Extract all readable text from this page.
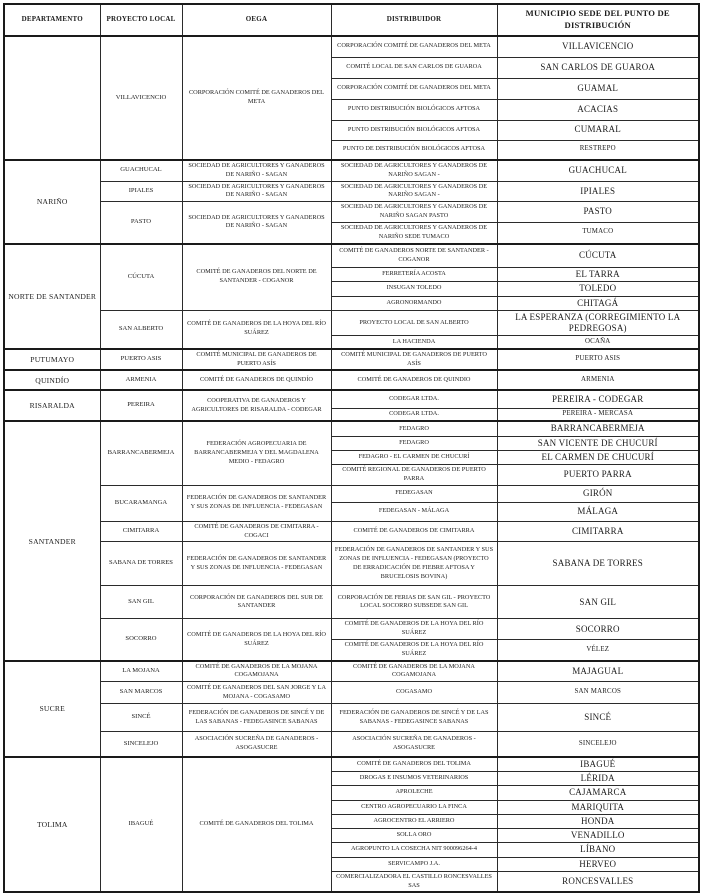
DEPARTAMENTO	PROYECTO LOCAL	OEGA	DISTRIBUIDOR	MUNICIPIO SEDE DEL PUNTO DE DISTRIBUCIÓN
	VILLAVICENCIO	CORPORACIÓN COMITÉ DE GANADEROS DEL META	CORPORACIÓN COMITÉ DE GANADEROS DEL META	VILLAVICENCIO
			COMITÉ LOCAL DE SAN CARLOS DE GUAROA	SAN CARLOS DE GUAROA
			CORPORACIÓN COMITÉ DE GANADEROS DEL META	GUAMAL
			PUNTO DISTRIBUCIÓN BIOLÓGICOS AFTOSA	ACACIAS
			PUNTO DISTRIBUCIÓN BIOLÓGICOS AFTOSA	CUMARAL
			PUNTO DE DISTRIBUCIÓN BIOLÓGICOS AFTOSA	RESTREPO
NARIÑO	GUACHUCAL	SOCIEDAD DE AGRICULTORES Y GANADEROS DE NARIÑO - SAGAN	SOCIEDAD DE AGRICULTORES Y GANADEROS DE NARIÑO SAGAN -	GUACHUCAL
	IPIALES	SOCIEDAD DE AGRICULTORES Y GANADEROS DE NARIÑO - SAGAN	SOCIEDAD DE AGRICULTORES Y GANADEROS DE NARIÑO SAGAN -	IPIALES
	PASTO	SOCIEDAD DE AGRICULTORES Y GANADEROS DE NARIÑO - SAGAN	SOCIEDAD DE AGRICULTORES Y GANADEROS DE NARIÑO SAGAN PASTO	PASTO
			SOCIEDAD DE AGRICULTORES Y GANADEROS DE NARIÑO SEDE TUMACO	TUMACO
NORTE DE SANTANDER	CÚCUTA	COMITÉ DE GANADEROS DEL NORTE DE SANTANDER - COGANOR	COMITÉ DE GANADEROS NORTE DE SANTANDER - COGANOR	CÚCUTA
			FERRETERÍA ACOSTA	EL TARRA
			INSUGAN TOLEDO	TOLEDO
			AGRONORMANDO	CHITAGÁ
	SAN ALBERTO	COMITÉ DE GANADEROS DE LA HOYA DEL RÍO SUÁREZ	PROYECTO LOCAL DE SAN ALBERTO	LA ESPERANZA (CORREGIMIENTO LA PEDREGOSA)
			LA HACIENDA	OCAÑA
PUTUMAYO	PUERTO ASIS	COMITÉ MUNICIPAL DE GANADEROS DE PUERTO ASÍS	COMITÉ MUNICIPAL DE GANADEROS DE PUERTO ASÍS	PUERTO ASIS
QUINDÍO	ARMENIA	COMITÉ DE GANADEROS DE QUINDÍO	COMITÉ DE GANADEROS DE QUINDIO	ARMENIA
RISARALDA	PEREIRA	COOPERATIVA DE GANADEROS Y AGRICULTORES DE RISARALDA - CODEGAR	CODEGAR LTDA.	PEREIRA - CODEGAR
			CODEGAR LTDA.	PEREIRA - MERCASA
SANTANDER	BARRANCABERMEJA	FEDERACIÓN AGROPECUARIA DE BARRANCABERMEJA Y DEL MAGDALENA MEDIO - FEDAGRO	FEDAGRO	BARRANCABERMEJA
			FEDAGRO	SAN VICENTE DE CHUCURÍ
			FEDAGRO - EL CARMEN DE CHUCURÍ	EL CARMEN DE CHUCURÍ
			COMITÉ REGIONAL DE GANADEROS DE PUERTO PARRA	PUERTO PARRA
	BUCARAMANGA	FEDERACIÓN DE GANADEROS DE SANTANDER Y SUS ZONAS DE INFLUENCIA - FEDEGASAN	FEDEGASAN	GIRÓN
			FEDEGASAN - MÁLAGA	MÁLAGA
	CIMITARRA	COMITÉ DE GANADEROS DE CIMITARRA - COGACI	COMITÉ DE GANADEROS DE CIMITARRA	CIMITARRA
	SABANA DE TORRES	FEDERACIÓN DE GANADEROS DE SANTANDER Y SUS ZONAS DE INFLUENCIA - FEDEGASAN	FEDERACIÓN DE GANADEROS DE SANTANDER Y SUS ZONAS DE INFLUENCIA - FEDEGASAN (PROYECTO DE ERRADICACIÓN DE FIEBRE AFTOSA Y BRUCELOSIS BOVINA)	SABANA DE TORRES
	SAN GIL	CORPORACIÓN DE GANADEROS DEL SUR DE SANTANDER	CORPORACIÓN DE FERIAS DE SAN GIL - PROYECTO LOCAL SOCORRO SUBSEDE SAN GIL	SAN GIL
	SOCORRO	COMITÉ DE GANADEROS DE LA HOYA DEL RÍO SUÁREZ	COMITÉ DE GANADEROS DE LA HOYA DEL RÍO SUÁREZ	SOCORRO
			COMITÉ DE GANADEROS DE LA HOYA DEL RÍO SUÁREZ	VÉLEZ
SUCRE	LA MOJANA	COMITÉ DE GANADEROS DE LA MOJANA COGAMOJANA	COMITÉ DE GANADEROS DE LA MOJANA COGAMOJANA	MAJAGUAL
	SAN MARCOS	COMITÉ DE GANADEROS DEL SAN JORGE Y LA MOJANA - COGASAMO	COGASAMO	SAN MARCOS
	SINCÉ	FEDERACIÓN DE GANADEROS DE SINCÉ Y DE LAS SABANAS - FEDEGASINCE SABANAS	FEDERACIÓN DE GANADEROS DE SINCÉ Y DE LAS SABANAS - FEDEGASINCE SABANAS	SINCÉ
	SINCELEJO	ASOCIACIÓN SUCREÑA DE GANADEROS - ASOGASUCRE	ASOCIACIÓN SUCREÑA DE GANADEROS - ASOGASUCRE	SINCELEJO
TOLIMA	IBAGUÉ	COMITÉ DE GANADEROS DEL TOLIMA	COMITÉ DE GANADEROS DEL TOLIMA	IBAGUÉ
			DROGAS E INSUMOS VETERINARIOS	LÉRIDA
			APROLECHE	CAJAMARCA
			CENTRO AGROPECUARIO LA FINCA	MARIQUITA
			AGROCENTRO EL ARRIERO	HONDA
			SOLLA ORO	VENADILLO
			AGROPUNTO LA COSECHA NIT 900096264-4	LÍBANO
			SERVICAMPO J.A.	HERVEO
			COMERCIALIZADORA EL CASTILLO RONCESVALLES SAS	RONCESVALLES
